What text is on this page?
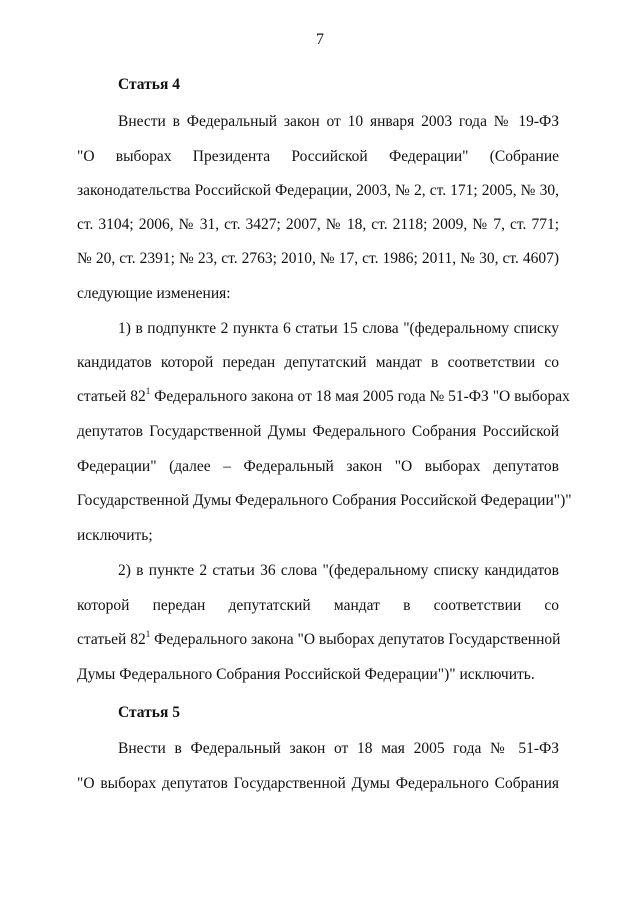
7
Статья 4
Внести в Федеральный закон от 10 января 2003 года № 19-ФЗ
"О выборах Президента Российской Федерации" (Собрание
законодательства Российской Федерации, 2003, № 2, ст. 171; 2005, № 30,
ст. 3104; 2006, № 31, ст. 3427; 2007, № 18, ст. 2118; 2009, № 7, ст. 771;
№ 20, ст. 2391; № 23, ст. 2763; 2010, № 17, ст. 1986; 2011, № 30, ст. 4607)
следующие изменения:
1) в подпункте 2 пункта 6 статьи 15 слова "(федеральному списку
кандидатов которой передан депутатский мандат в соответствии со
статьей $82^1$ Федерального закона от 18 мая 2005 года № 51-ФЗ "О выборах
депутатов Государственной Думы Федерального Собрания Российской
Федерации" (далее – Федеральный закон "О выборах депутатов
Государственной Думы Федерального Собрания Российской Федерации")"
исключить;
2) в пункте 2 статьи 36 слова "(федеральному списку кандидатов
которой передан депутатский мандат в соответствии со
статьей $82^1$ Федерального закона "О выборах депутатов Государственной
Думы Федерального Собрания Российской Федерации")" исключить.
Статья 5
Внести в Федеральный закон от 18 мая 2005 года № 51-ФЗ
"О выборах депутатов Государственной Думы Федерального Собрания
